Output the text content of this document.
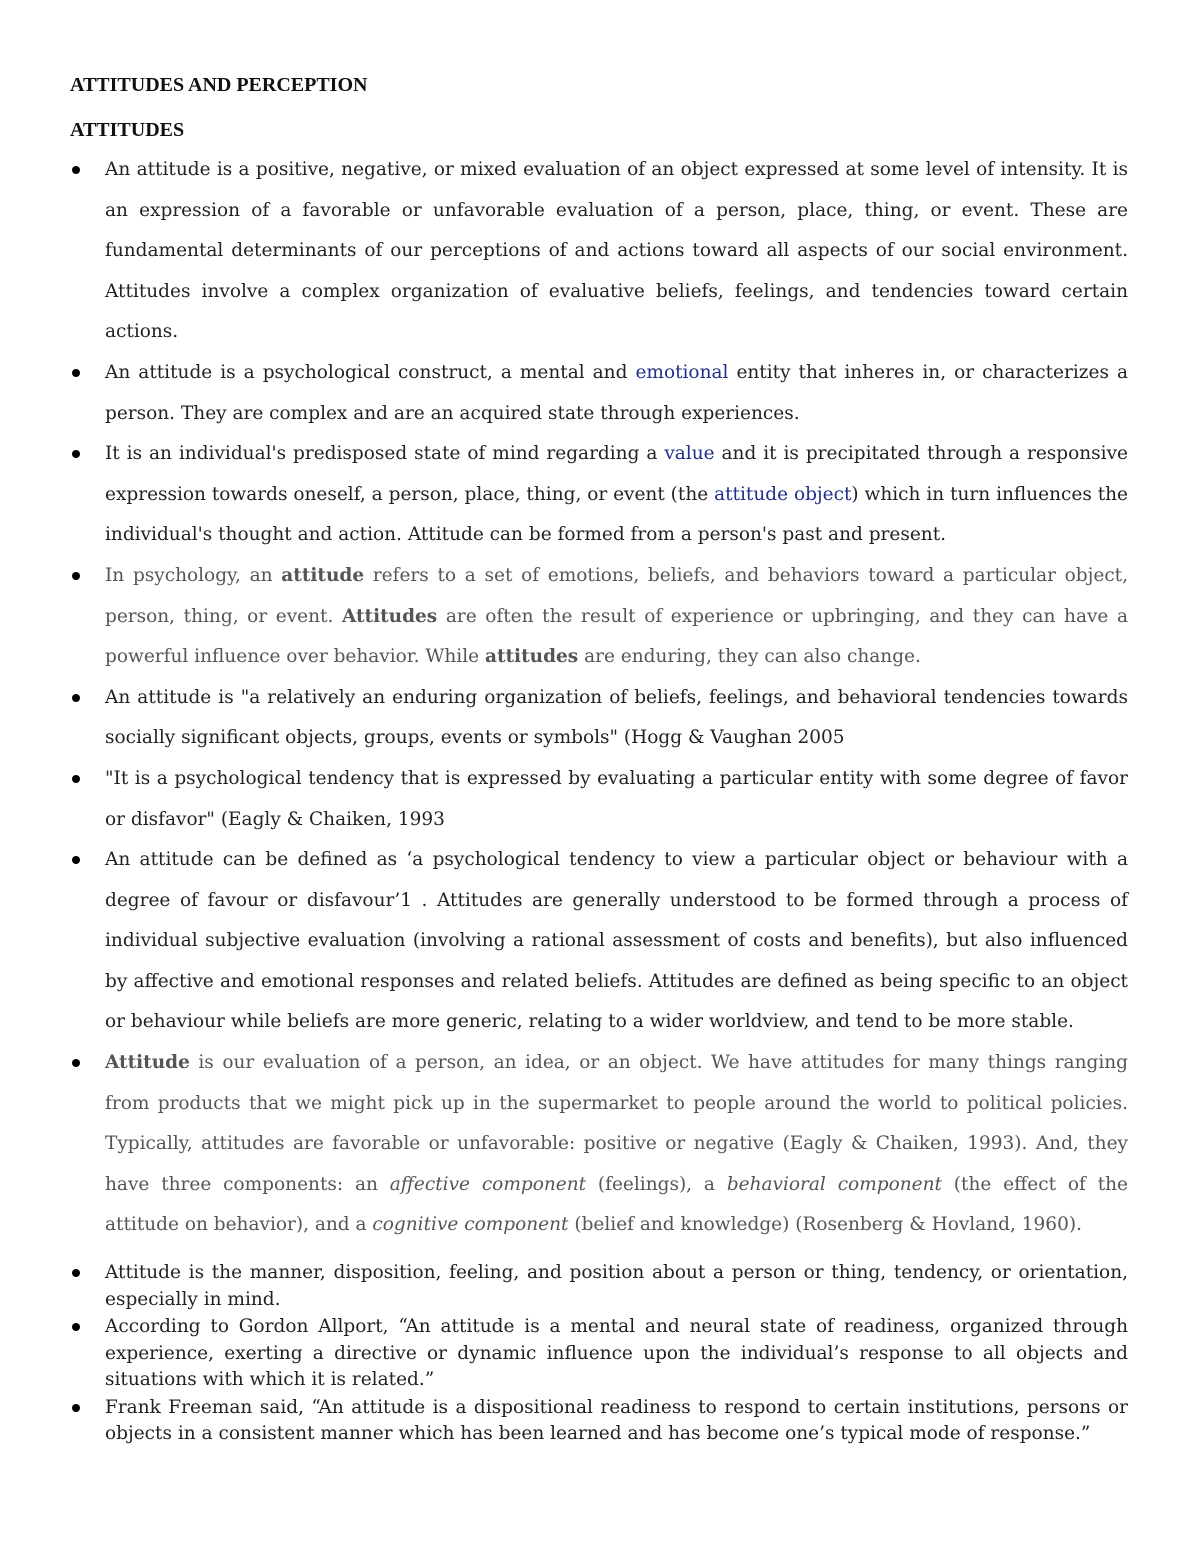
ATTITUDES AND PERCEPTION
ATTITUDES
An attitude is a positive, negative, or mixed evaluation of an object expressed at some level of intensity. It is an expression of a favorable or unfavorable evaluation of a person, place, thing, or event. These are fundamental determinants of our perceptions of and actions toward all aspects of our social environment. Attitudes involve a complex organization of evaluative beliefs, feelings, and tendencies toward certain actions.
An attitude is a psychological construct, a mental and emotional entity that inheres in, or characterizes a person. They are complex and are an acquired state through experiences.
It is an individual's predisposed state of mind regarding a value and it is precipitated through a responsive expression towards oneself, a person, place, thing, or event (the attitude object) which in turn influences the individual's thought and action. Attitude can be formed from a person's past and present.
In psychology, an attitude refers to a set of emotions, beliefs, and behaviors toward a particular object, person, thing, or event. Attitudes are often the result of experience or upbringing, and they can have a powerful influence over behavior. While attitudes are enduring, they can also change.
An attitude is "a relatively an enduring organization of beliefs, feelings, and behavioral tendencies towards socially significant objects, groups, events or symbols" (Hogg & Vaughan 2005
"It is a psychological tendency that is expressed by evaluating a particular entity with some degree of favor or disfavor" (Eagly & Chaiken, 1993
An attitude can be defined as ‘a psychological tendency to view a particular object or behaviour with a degree of favour or disfavour’1 . Attitudes are generally understood to be formed through a process of individual subjective evaluation (involving a rational assessment of costs and benefits), but also influenced by affective and emotional responses and related beliefs. Attitudes are defined as being specific to an object or behaviour while beliefs are more generic, relating to a wider worldview, and tend to be more stable.
Attitude is our evaluation of a person, an idea, or an object. We have attitudes for many things ranging from products that we might pick up in the supermarket to people around the world to political policies. Typically, attitudes are favorable or unfavorable: positive or negative (Eagly & Chaiken, 1993). And, they have three components: an affective component (feelings), a behavioral component (the effect of the attitude on behavior), and a cognitive component (belief and knowledge) (Rosenberg & Hovland, 1960).
Attitude is the manner, disposition, feeling, and position about a person or thing, tendency, or orientation, especially in mind.
According to Gordon Allport, “An attitude is a mental and neural state of readiness, organized through experience, exerting a directive or dynamic influence upon the individual’s response to all objects and situations with which it is related.”
Frank Freeman said, “An attitude is a dispositional readiness to respond to certain institutions, persons or objects in a consistent manner which has been learned and has become one’s typical mode of response.”
